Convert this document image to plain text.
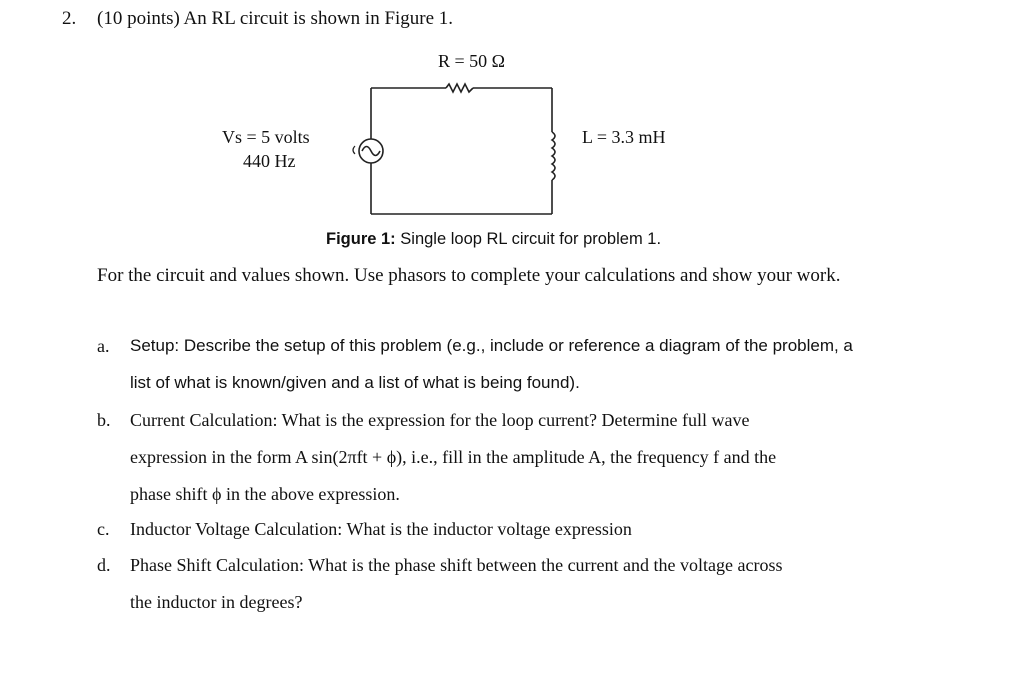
2. (10 points) An RL circuit is shown in Figure 1.
R = 50 Ω
Vs = 5 volts
440 Hz
L = 3.3 mH
Figure 1: Single loop RL circuit for problem 1.
For the circuit and values shown. Use phasors to complete your calculations and show your work.
a. Setup: Describe the setup of this problem (e.g., include or reference a diagram of the problem, a
list of what is known/given and a list of what is being found).
b. Current Calculation: What is the expression for the loop current? Determine full wave
expression in the form A sin(2πft + ϕ), i.e., fill in the amplitude A, the frequency f and the
phase shift ϕ in the above expression.
c. Inductor Voltage Calculation: What is the inductor voltage expression
d. Phase Shift Calculation: What is the phase shift between the current and the voltage across
the inductor in degrees?
